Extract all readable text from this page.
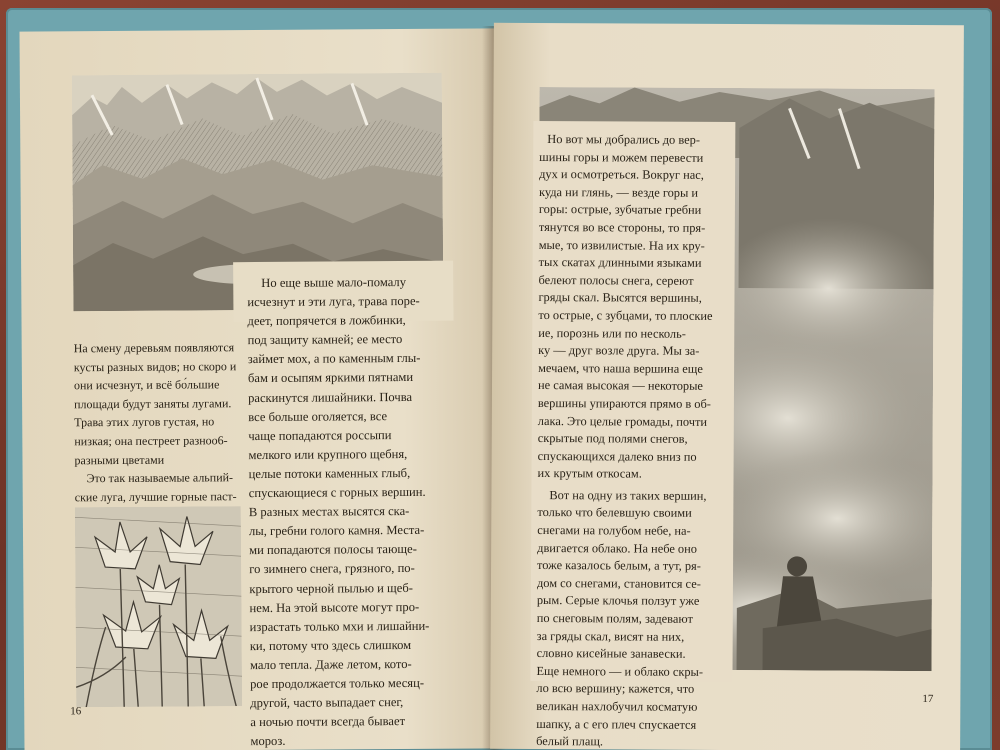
Но еще выше мало-помалу
исчезнут и эти луга, трава поре-
деет, попрячется в ложбинки,
под защиту камней; ее место
займет мох, а по каменным глы-
бам и осыпям яркими пятнами
раскинутся лишайники. Почва
все больше оголяется, все
чаще попадаются россыпи
мелкого или крупного щебня,
целые потоки каменных глыб,
спускающиеся с горных вершин.
В разных местах высятся ска-
лы, гребни голого камня. Места-
ми попадаются полосы тающе-
го зимнего снега, грязного, по-
крытого черной пылью и щеб-
нем. На этой высоте могут про-
израстать только мхи и лишайни-
ки, потому что здесь слишком
мало тепла. Даже летом, кото-
рое продолжается только месяц-
другой, часто выпадает снег,
а ночью почти всегда бывает
мороз.
На смену деревьям появляются
кусты разных видов; но скоро и
они исчезнут, и всё бо́льшие
площади будут заняты лугами.
Трава этих лугов густая, но
низкая; она пестреет разноо6-
разными цветами
Это так называемые альпий-
ские луга, лучшие горные паст-
16
Но вот мы добрались до вер-
шины горы и можем перевести
дух и осмотреться. Вокруг нас,
куда ни глянь, — везде горы и
горы: острые, зубчатые гребни
тянутся во все стороны, то пря-
мые, то извилистые. На их кру-
тых скатах длинными языками
белеют полосы снега, сереют
гряды скал. Высятся вершины,
то острые, с зубцами, то плоские
ие, порознь или по несколь-
ку — друг возле друга. Мы за-
мечаем, что наша вершина еще
не самая высокая — некоторые
вершины упираются прямо в об-
лака. Это целые громады, почти
скрытые под полями снегов,
спускающихся далеко вниз по
их крутым откосам.
Вот на одну из таких вершин,
только что белевшую своими
снегами на голубом небе, на-
двигается облако. На небе оно
тоже казалось белым, а тут, ря-
дом со снегами, становится се-
рым. Серые клочья ползут уже
по снеговым полям, задевают
за гряды скал, висят на них,
словно кисейные занавески.
Еще немного — и облако скры-
ло всю вершину; кажется, что
великан нахлобучил косматую
шапку, а с его плеч спускается
белый плащ.
17
